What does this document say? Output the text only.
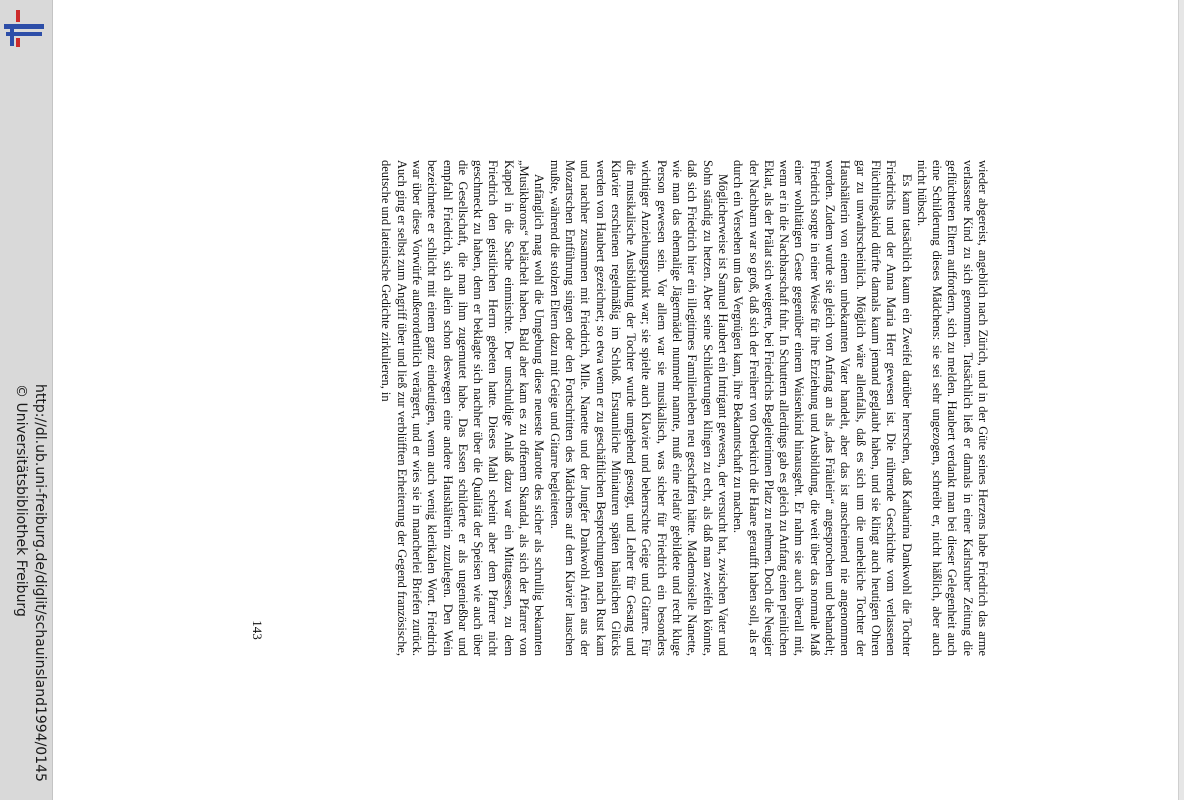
http://dl.ub.uni-freiburg.de/diglit/schauinsland1994/0145
© Universitätsbibliothek Freiburg	wieder abgereist, angeblich nach Zürich, und in der Güte seines Herzens habe Friedrich das arme verlassene Kind zu sich genommen. Tatsächlich ließ er damals in einer Karlsruher Zeitung die geflüchteten Eltern auffordern, sich zu melden. Haubert verdankt man bei dieser Gelegenheit auch eine Schilderung dieses Mädchens: sie sei sehr ungezogen, schreibt er, nicht häßlich, aber auch nicht hübsch.

Es kann tatsächlich kaum ein Zweifel darüber herrschen, daß Katharina Dankwohl die Tochter Friedrichs und der Anna Maria Herr gewesen ist. Die rührende Geschichte vom verlassenen Flüchtlingskind dürfte damals kaum jemand geglaubt haben, und sie klingt auch heutigen Ohren gar zu unwahrscheinlich. Möglich wäre allenfalls, daß es sich um die uneheliche Tochter der Haushälterin von einem unbekannten Vater handelt, aber das ist anscheinend nie angenommen worden. Zudem wurde sie gleich von Anfang an als „das Fräulein“ angesprochen und behandelt; Friedrich sorgte in einer Weise für ihre Erziehung und Ausbildung, die weit über das normale Maß einer wohltätigen Geste gegenüber einem Waisenkind hinausgeht. Er nahm sie auch überall mit, wenn er in die Nachbarschaft fuhr. In Schuttern allerdings gab es gleich zu Anfang einen peinlichen Eklat, als der Prälat sich weigerte, bei Friedrichs Begleiterinnen Platz zu nehmen. Doch die Neugier der Nachbarn war so groß, daß sich der Freiherr von Oberkirch die Haare geraufft haben soll, als er durch ein Versehen um das Vergnügen kam, ihre Bekanntschaft zu machen.

Möglicherweise ist Samuel Haubert ein Intrigant gewesen, der versucht hat, zwischen Vater und Sohn ständig zu hetzen. Aber seine Schilderungen klingen zu echt, als daß man zweifeln könnte, daß sich Friedrich hier ein illegitimes Familienleben neu geschaffen hätte. Mademoiselle Nanette, wie man das ehemalige Jägermädel nunmehr nannte, muß eine relativ gebildete und recht kluge Person gewesen sein. Vor allem war sie musikalisch, was sicher für Friedrich ein besonders wichtiger Anziehungspunkt war; sie spielte auch Klavier und beherrschte Geige und Gitarre. Für die musikalische Ausbildung der Tochter wurde umgehend gesorgt, und Lehrer für Gesang und Klavier erschienen regelmäßig im Schloß. Erstaunliche Miniaturen späten häuslichen Glücks werden von Haubert gezeichnet; so etwa wenn er zu geschäftlichen Besprechungen nach Rust kam und nachher zusammen mit Friedrich, Mlle. Nanette und der Jungfer Dankwohl Arien aus der Mozartschen Entführung singen oder den Fortschritten des Mädchens auf dem Klavier lauschen mußte, während die stolzen Eltern dazu mit Geige und Gitarre begleiteten.

Anfänglich mag wohl die Umgebung diese neueste Marotte des sicher als schrullig bekannten „Musikbarons“ belächelt haben. Bald aber kam es zu offenem Skandal, als sich der Pfarrer von Kappel in die Sache einmischte. Der unschuldige Anlaß dazu war ein Mittagessen, zu dem Friedrich den geistlichen Herrn gebeten hatte. Dieses Mahl scheint aber dem Pfarrer nicht geschmeckt zu haben, denn er beklagte sich nachher über die Qualität der Speisen wie auch über die Gesellschaft, die man ihm zugemutet habe. Das Essen schilderte er als ungenießbar und empfahl Friedrich, sich allein schon deswegen eine andere Haushälterin zuzulegen. Den Wein bezeichnete er schlicht mit einem ganz eindeutigen, wenn auch wenig klerikalen Wort. Friedrich war über diese Vorwürfe außerordentlich verärgert, und er wies sie in mancherlei Briefen zurück. Auch ging er selbst zum Angriff über und ließ zur verblüfften Erheiterung der Gegend französische, deutsche und lateinische Gedichte zirkulieren, in

143
